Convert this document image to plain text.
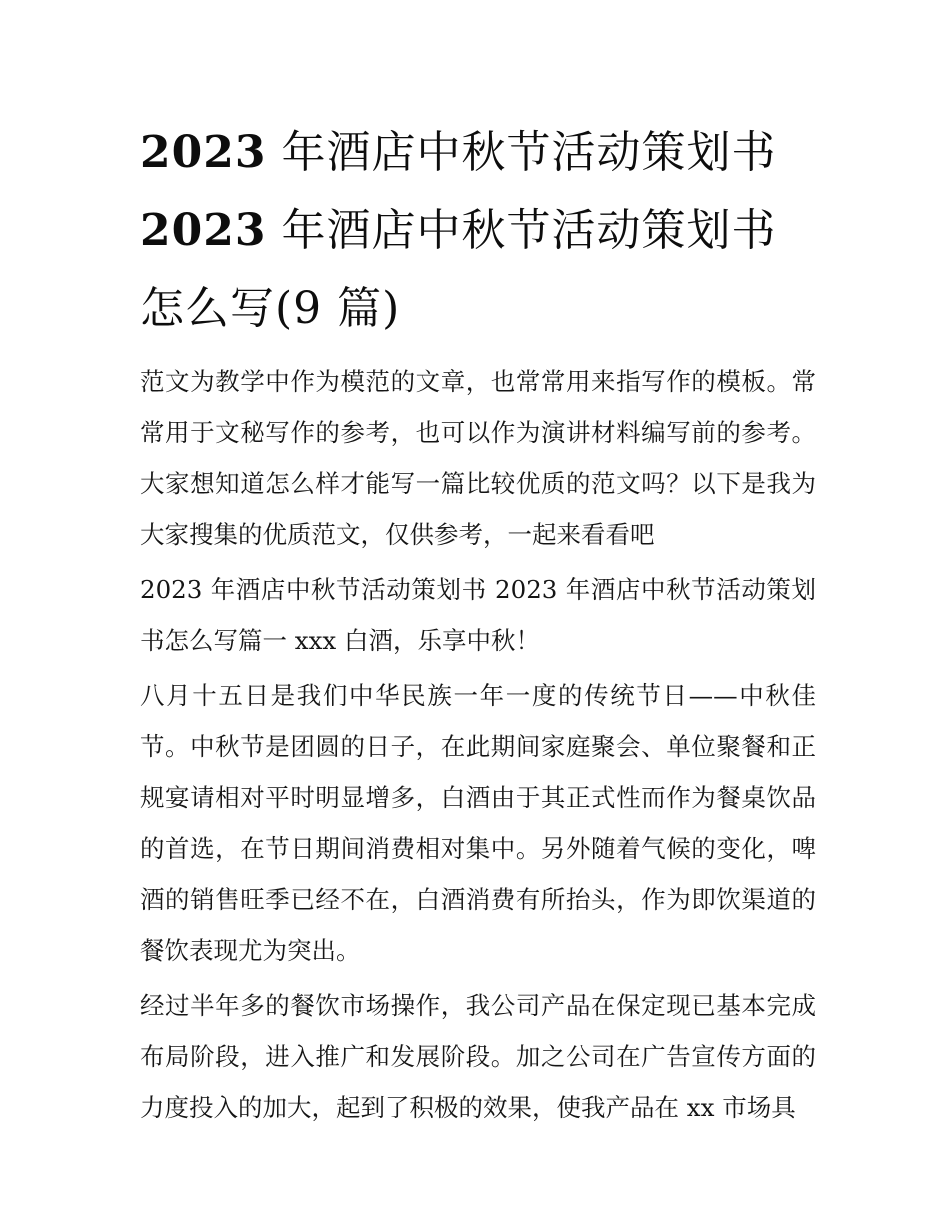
2023 年酒店中秋节活动策划书
2023 年酒店中秋节活动策划书
怎么写(9 篇)

范文为教学中作为模范的文章，也常常用来指写作的模板。常常用于文秘写作的参考，也可以作为演讲材料编写前的参考。大家想知道怎么样才能写一篇比较优质的范文吗？以下是我为大家搜集的优质范文，仅供参考，一起来看看吧

2023 年酒店中秋节活动策划书 2023 年酒店中秋节活动策划书怎么写篇一 xxx 白酒，乐享中秋！

八月十五日是我们中华民族一年一度的传统节日——中秋佳节。中秋节是团圆的日子，在此期间家庭聚会、单位聚餐和正规宴请相对平时明显增多，白酒由于其正式性而作为餐桌饮品的首选，在节日期间消费相对集中。另外随着气候的变化，啤酒的销售旺季已经不在，白酒消费有所抬头，作为即饮渠道的餐饮表现尤为突出。

经过半年多的餐饮市场操作，我公司产品在保定现已基本完成布局阶段，进入推广和发展阶段。加之公司在广告宣传方面的力度投入的加大，起到了积极的效果，使我产品在 xx 市场具
